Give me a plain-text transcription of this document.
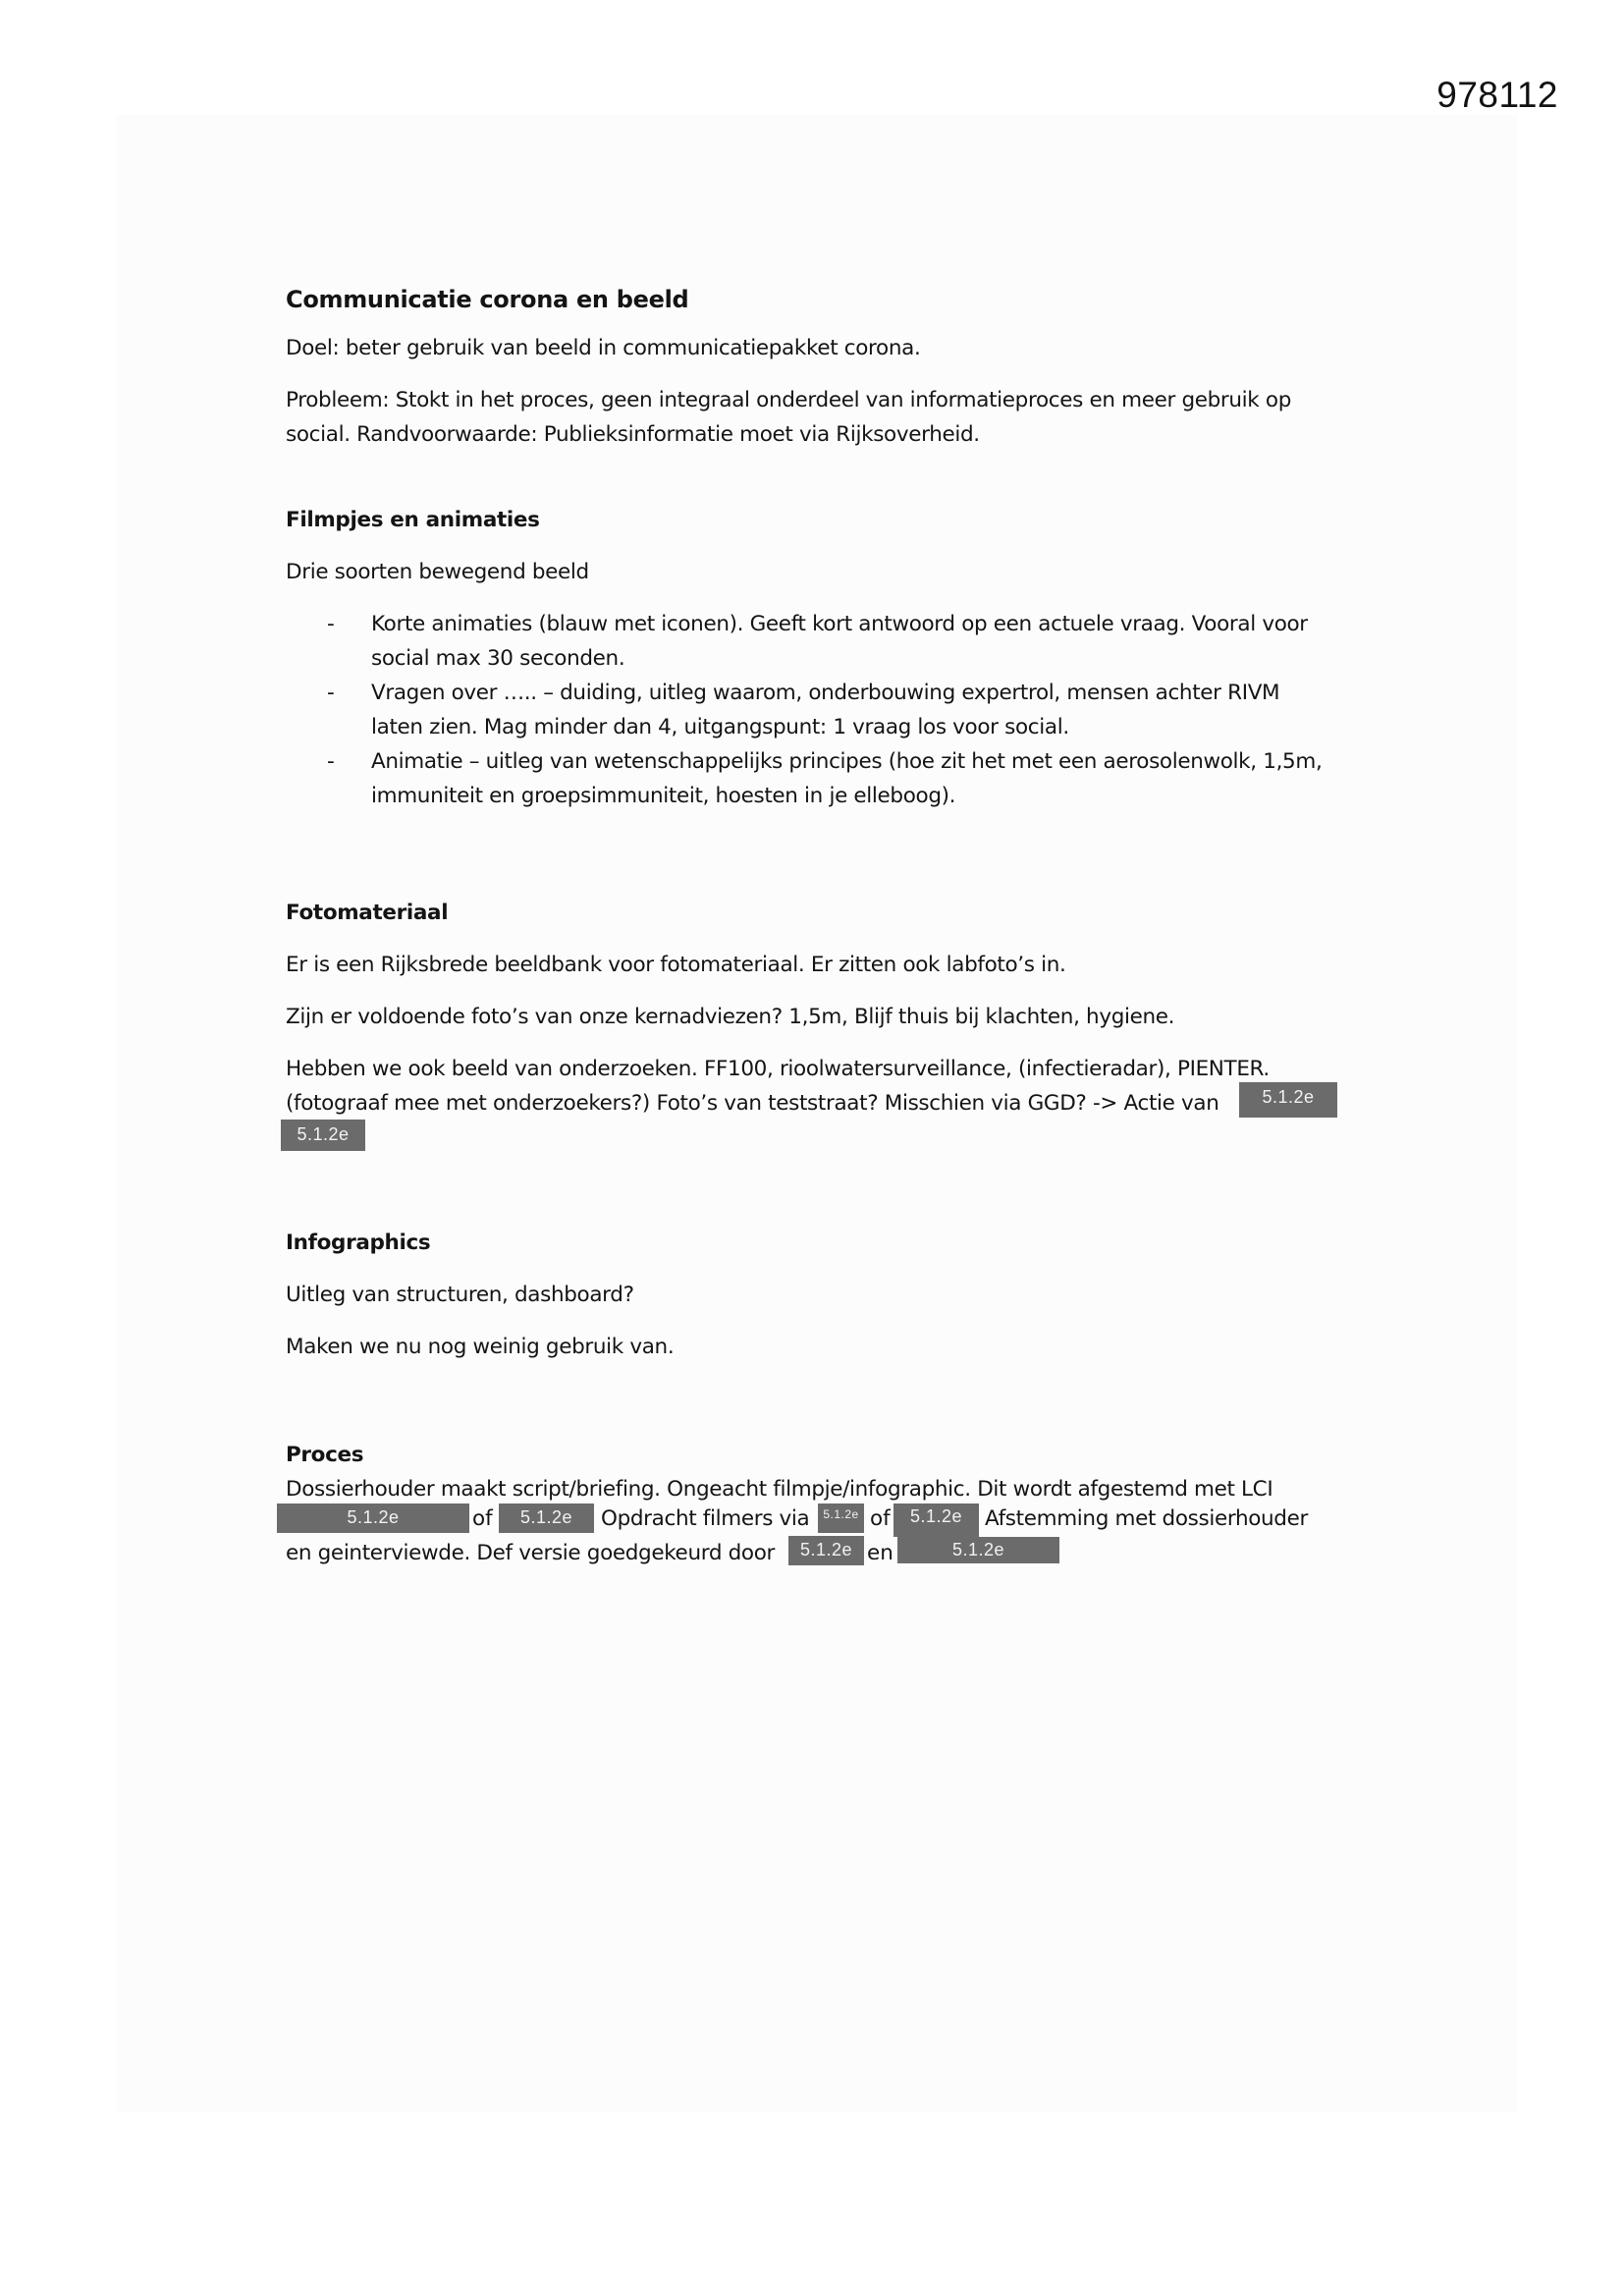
978112
Communicatie corona en beeld

Doel: beter gebruik van beeld in communicatiepakket corona.

Probleem: Stokt in het proces, geen integraal onderdeel van informatieproces en meer gebruik op

social. Randvoorwaarde: Publieksinformatie moet via Rijksoverheid.

Filmpjes en animaties

Drie soorten bewegend beeld

- Korte animaties (blauw met iconen). Geeft kort antwoord op een actuele vraag. Vooral voor
social max 30 seconden.
- Vragen over ….. – duiding, uitleg waarom, onderbouwing expertrol, mensen achter RIVM
laten zien. Mag minder dan 4, uitgangspunt: 1 vraag los voor social.
- Animatie – uitleg van wetenschappelijks principes (hoe zit het met een aerosolenwolk, 1,5m,
immuniteit en groepsimmuniteit, hoesten in je elleboog).
Fotomateriaal

Er is een Rijksbrede beeldbank voor fotomateriaal. Er zitten ook labfoto’s in.

Zijn er voldoende foto’s van onze kernadviezen? 1,5m, Blijf thuis bij klachten, hygiene.

Hebben we ook beeld van onderzoeken. FF100, rioolwatersurveillance, (infectieradar), PIENTER.

(fotograaf mee met onderzoekers?) Foto’s van teststraat? Misschien via GGD? -> Actie van	5.1.2e
5.1.2e
Infographics

Uitleg van structuren, dashboard?

Maken we nu nog weinig gebruik van.

Proces

Dossierhouder maakt script/briefing. Ongeacht filmpje/infographic. Dit wordt afgestemd met LCI

5.1.2e	of	5.1.2e	Opdracht filmers via	5.1.2e of	5.1.2e	Afstemming met dossierhouder
en geinterviewde. Def versie goedgekeurd door	5.1.2e en	5.1.2e
